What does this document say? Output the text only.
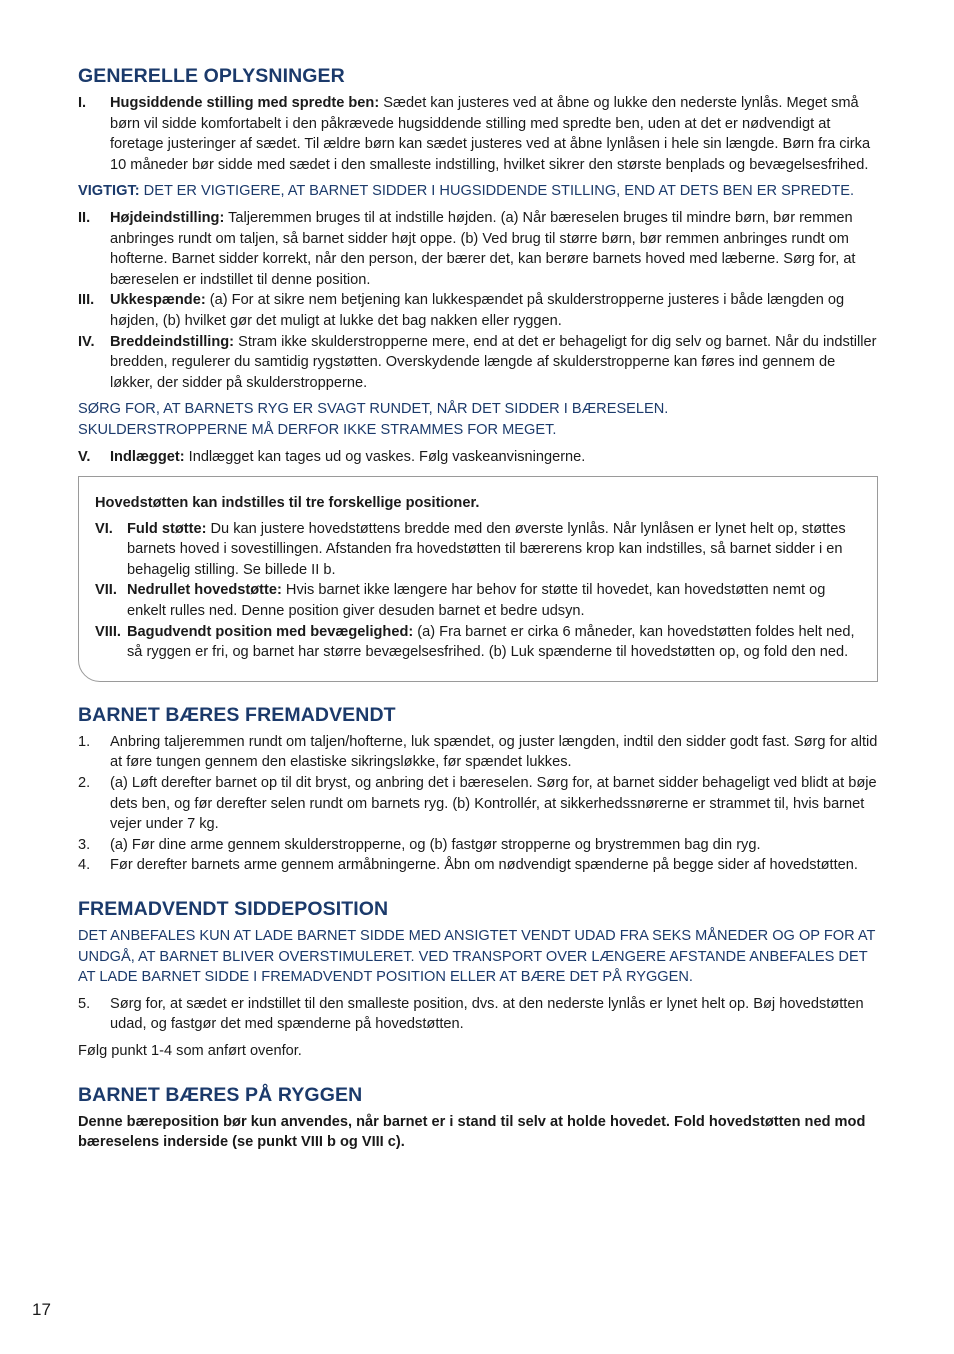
GENERELLE OPLYSNINGER
I.	Hugsiddende stilling med spredte ben: Sædet kan justeres ved at åbne og lukke den nederste lynlås. Meget små børn vil sidde komfortabelt i den påkrævede hugsiddende stilling med spredte ben, uden at det er nødvendigt at foretage justeringer af sædet. Til ældre børn kan sædet justeres ved at åbne lynlåsen i hele sin længde. Børn fra cirka 10 måneder bør sidde med sædet i den smalleste indstilling, hvilket sikrer den største benplads og bevægelsesfrihed.

VIGTIGT: DET ER VIGTIGERE, AT BARNET SIDDER I HUGSIDDENDE STILLING, END AT DETS BEN ER SPREDTE.

II.	Højdeindstilling: Taljeremmen bruges til at indstille højden. (a) Når bæreselen bruges til mindre børn, bør remmen anbringes rundt om taljen, så barnet sidder højt oppe. (b) Ved brug til større børn, bør remmen anbringes rundt om hofterne. Barnet sidder korrekt, når den person, der bærer det, kan berøre barnets hoved med læberne. Sørg for, at bæreselen er indstillet til denne position.
III.	Ukkespænde: (a) For at sikre nem betjening kan lukkespændet på skulderstropperne justeres i både længden og højden, (b) hvilket gør det muligt at lukke det bag nakken eller ryggen.
IV.	Breddeindstilling: Stram ikke skulderstropperne mere, end at det er behageligt for dig selv og barnet. Når du indstiller bredden, regulerer du samtidig rygstøtten. Overskydende længde af skulderstropperne kan føres ind gennem de løkker, der sidder på skulderstropperne.

SØRG FOR, AT BARNETS RYG ER SVAGT RUNDET, NÅR DET SIDDER I BÆRESELEN. SKULDERSTROPPERNE MÅ DERFOR IKKE STRAMMES FOR MEGET.

V.	Indlægget: Indlægget kan tages ud og vaskes. Følg vaskeanvisningerne.
Hovedstøtten kan indstilles til tre forskellige positioner.
VI. Fuld støtte: Du kan justere hovedstøttens bredde med den øverste lynlås. Når lynlåsen er lynet helt op, støttes barnets hoved i sovestillingen. Afstanden fra hovedstøtten til bærerens krop kan indstilles, så barnet sidder i en behagelig stilling. Se billede II b.
VII. Nedrullet hovedstøtte: Hvis barnet ikke længere har behov for støtte til hovedet, kan hovedstøtten nemt og enkelt rulles ned. Denne position giver desuden barnet et bedre udsyn.
VIII. Bagudvendt position med bevægelighed: (a) Fra barnet er cirka 6 måneder, kan hovedstøtten foldes helt ned, så ryggen er fri, og barnet har større bevægelsesfrihed. (b) Luk spænderne til hovedstøtten op, og fold den ned.
BARNET BÆRES FREMADVENDT
1.	Anbring taljeremmen rundt om taljen/hofterne, luk spændet, og juster længden, indtil den sidder godt fast. Sørg for altid at føre tungen gennem den elastiske sikringsløkke, før spændet lukkes.
2.	(a) Løft derefter barnet op til dit bryst, og anbring det i bæreselen. Sørg for, at barnet sidder behageligt ved blidt at bøje dets ben, og før derefter selen rundt om barnets ryg. (b) Kontrollér, at sikkerhedssnørerne er strammet til, hvis barnet vejer under 7 kg.
3.	(a) Før dine arme gennem skulderstropperne, og (b) fastgør stropperne og brystremmen bag din ryg.
4.	Før derefter barnets arme gennem armåbningerne. Åbn om nødvendigt spænderne på begge sider af hovedstøtten.
FREMADVENDT SIDDEPOSITION

DET ANBEFALES KUN AT LADE BARNET SIDDE MED ANSIGTET VENDT UDAD FRA SEKS MÅNEDER OG OP FOR AT UNDGÅ, AT BARNET BLIVER OVERSTIMULERET. VED TRANSPORT OVER LÆNGERE AFSTANDE ANBEFALES DET AT LADE BARNET SIDDE I FREMADVENDT POSITION ELLER AT BÆRE DET PÅ RYGGEN.

5.	Sørg for, at sædet er indstillet til den smalleste position, dvs. at den nederste lynlås er lynet helt op. Bøj hovedstøtten udad, og fastgør det med spænderne på hovedstøtten.

Følg punkt 1-4 som anført ovenfor.

BARNET BÆRES PÅ RYGGEN

Denne bæreposition bør kun anvendes, når barnet er i stand til selv at holde hovedet. Fold hovedstøtten ned mod bæreselens inderside (se punkt VIII b og VIII c).

17
